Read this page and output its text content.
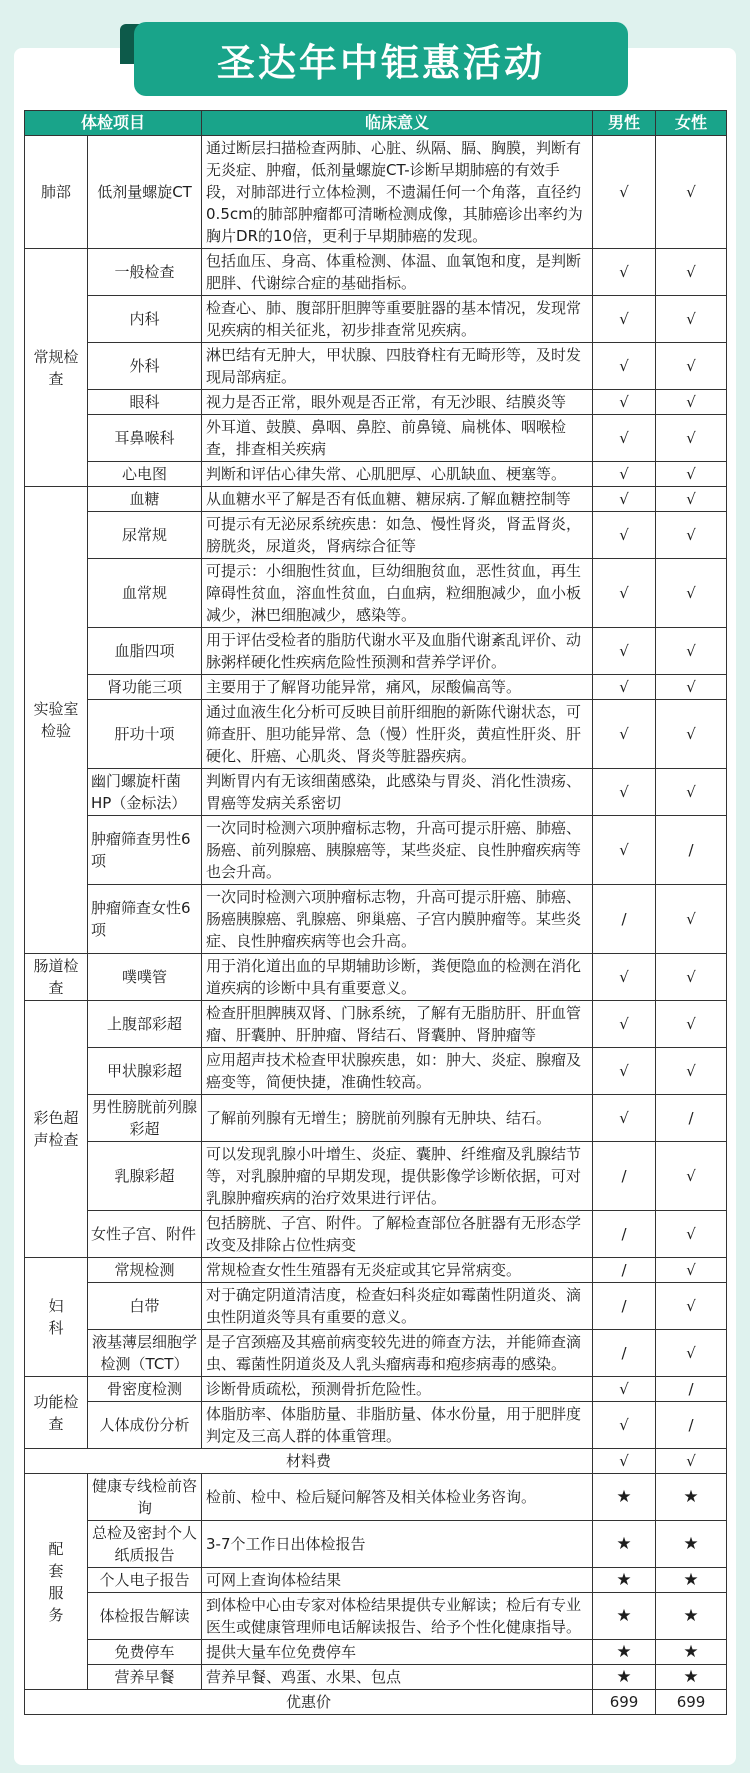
圣达年中钜惠活动
体检项目		临床意义	男性	女性
肺部	低剂量螺旋CT	通过断层扫描检查两肺、心脏、纵隔、膈、胸膜，判断有无炎症、肿瘤，低剂量螺旋CT-诊断早期肺癌的有效手段，对肺部进行立体检测，不遗漏任何一个角落，直径约0.5cm的肺部肿瘤都可清晰检测成像，其肺癌诊出率约为胸片DR的10倍，更利于早期肺癌的发现。	√	√
常规检查	一般检查	包括血压、身高、体重检测、体温、血氧饱和度，是判断肥胖、代谢综合症的基础指标。	√	√
	内科	检查心、肺、腹部肝胆脾等重要脏器的基本情况，发现常见疾病的相关征兆，初步排查常见疾病。	√	√
	外科	淋巴结有无肿大，甲状腺、四肢脊柱有无畸形等，及时发现局部病症。	√	√
	眼科	视力是否正常，眼外观是否正常，有无沙眼、结膜炎等	√	√
	耳鼻喉科	外耳道、鼓膜、鼻咽、鼻腔、前鼻镜、扁桃体、咽喉检查，排查相关疾病	√	√
	心电图	判断和评估心律失常、心肌肥厚、心肌缺血、梗塞等。	√	√
实验室检验	血糖	从血糖水平了解是否有低血糖、糖尿病.了解血糖控制等	√	√
	尿常规	可提示有无泌尿系统疾患：如急、慢性肾炎，肾盂肾炎，膀胱炎，尿道炎，肾病综合征等	√	√
	血常规	可提示：小细胞性贫血，巨幼细胞贫血，恶性贫血，再生障碍性贫血，溶血性贫血，白血病，粒细胞减少，血小板减少，淋巴细胞减少，感染等。	√	√
	血脂四项	用于评估受检者的脂肪代谢水平及血脂代谢紊乱评价、动脉粥样硬化性疾病危险性预测和营养学评价。	√	√
	肾功能三项	主要用于了解肾功能异常，痛风，尿酸偏高等。	√	√
	肝功十项	通过血液生化分析可反映目前肝细胞的新陈代谢状态，可筛查肝、胆功能异常、急（慢）性肝炎，黄疸性肝炎、肝硬化、肝癌、心肌炎、肾炎等脏器疾病。	√	√
	幽门螺旋杆菌HP（金标法）	判断胃内有无该细菌感染，此感染与胃炎、消化性溃疡、胃癌等发病关系密切	√	√
	肿瘤筛查男性6项	一次同时检测六项肿瘤标志物，升高可提示肝癌、肺癌、肠癌、前列腺癌、胰腺癌等，某些炎症、良性肿瘤疾病等也会升高。	√	/
	肿瘤筛查女性6项	一次同时检测六项肿瘤标志物，升高可提示肝癌、肺癌、肠癌胰腺癌、乳腺癌、卵巢癌、子宫内膜肿瘤等。某些炎症、良性肿瘤疾病等也会升高。	/	√
肠道检查	噗噗管	用于消化道出血的早期辅助诊断，粪便隐血的检测在消化道疾病的诊断中具有重要意义。	√	√
彩色超声检查	上腹部彩超	检查肝胆脾胰双肾、门脉系统，了解有无脂肪肝、肝血管瘤、肝囊肿、肝肿瘤、肾结石、肾囊肿、肾肿瘤等	√	√
	甲状腺彩超	应用超声技术检查甲状腺疾患，如：肿大、炎症、腺瘤及癌变等，简便快捷，准确性较高。	√	√
	男性膀胱前列腺彩超	了解前列腺有无增生；膀胱前列腺有无肿块、结石。	√	/
	乳腺彩超	可以发现乳腺小叶增生、炎症、囊肿、纤维瘤及乳腺结节等，对乳腺肿瘤的早期发现，提供影像学诊断依据，可对乳腺肿瘤疾病的治疗效果进行评估。	/	√
	女性子宫、附件	包括膀胱、子宫、附件。了解检查部位各脏器有无形态学改变及排除占位性病变	/	√
妇科	常规检测	常规检查女性生殖器有无炎症或其它异常病变。	/	√
	白带	对于确定阴道清洁度，检查妇科炎症如霉菌性阴道炎、滴虫性阴道炎等具有重要的意义。	/	√
	液基薄层细胞学检测（TCT）	是子宫颈癌及其癌前病变较先进的筛查方法，并能筛查滴虫、霉菌性阴道炎及人乳头瘤病毒和疱疹病毒的感染。	/	√
功能检查	骨密度检测	诊断骨质疏松，预测骨折危险性。	√	/
	人体成份分析	体脂肪率、体脂肪量、非脂肪量、体水份量，用于肥胖度判定及三高人群的体重管理。	√	/
材料费			√	√
配套服务	健康专线检前咨询	检前、检中、检后疑问解答及相关体检业务咨询。	★	★
	总检及密封个人纸质报告	3-7个工作日出体检报告	★	★
	个人电子报告	可网上查询体检结果	★	★
	体检报告解读	到体检中心由专家对体检结果提供专业解读；检后有专业医生或健康管理师电话解读报告、给予个性化健康指导。	★	★
	免费停车	提供大量车位免费停车	★	★
	营养早餐	营养早餐、鸡蛋、水果、包点	★	★
优惠价			699	699
